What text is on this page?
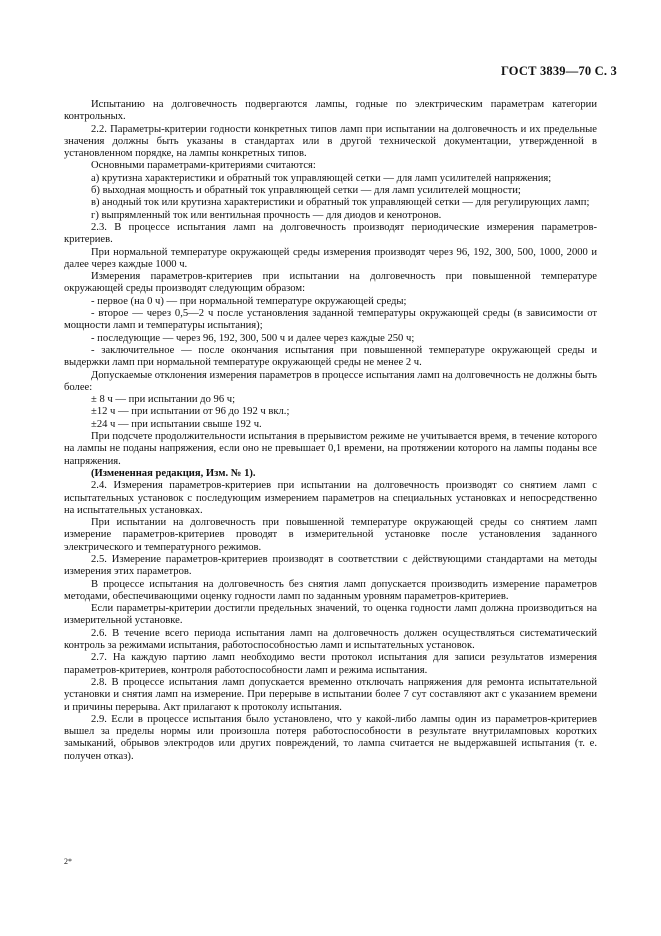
ГОСТ 3839—70 С. 3

Испытанию на долговечность подвергаются лампы, годные по электрическим параметрам категории контрольных.

2.2. Параметры-критерии годности конкретных типов ламп при испытании на долговечность и их предельные значения должны быть указаны в стандартах или в другой технической документации, утвержденной в установленном порядке, на лампы конкретных типов.

Основными параметрами-критериями считаются:

а) крутизна характеристики и обратный ток управляющей сетки — для ламп усилителей напряжения;

б) выходная мощность и обратный ток управляющей сетки — для ламп усилителей мощности;

в) анодный ток или крутизна характеристики и обратный ток управляющей сетки — для регулирующих ламп;

г) выпрямленный ток или вентильная прочность — для диодов и кенотронов.

2.3. В процессе испытания ламп на долговечность производят периодические измерения параметров-критериев.

При нормальной температуре окружающей среды измерения производят через 96, 192, 300, 500, 1000, 2000 и далее через каждые 1000 ч.

Измерения параметров-критериев при испытании на долговечность при повышенной температуре окружающей среды производят следующим образом:

- первое (на 0 ч) — при нормальной температуре окружающей среды;

- второе — через 0,5—2 ч после установления заданной температуры окружающей среды (в зависимости от мощности ламп и температуры испытания);

- последующие — через 96, 192, 300, 500 ч и далее через каждые 250 ч;

- заключительное — после окончания испытания при повышенной температуре окружающей среды и выдержки ламп при нормальной температуре окружающей среды не менее 2 ч.

Допускаемые отклонения измерения параметров в процессе испытания ламп на долговечность не должны быть более:

± 8 ч — при испытании до 96 ч;

±12 ч — при испытании от 96 до 192 ч вкл.;

±24 ч — при испытании свыше 192 ч.

При подсчете продолжительности испытания в прерывистом режиме не учитывается время, в течение которого на лампы не поданы напряжения, если оно не превышает 0,1 времени, на протяжении которого на лампы поданы все напряжения.

(Измененная редакция, Изм. № 1).

2.4. Измерения параметров-критериев при испытании на долговечность производят со снятием ламп с испытательных установок с последующим измерением параметров на специальных установках и непосредственно на испытательных установках.

При испытании на долговечность при повышенной температуре окружающей среды со снятием ламп измерение параметров-критериев проводят в измерительной установке после установления заданного электрического и температурного режимов.

2.5. Измерение параметров-критериев производят в соответствии с действующими стандартами на методы измерения этих параметров.

В процессе испытания на долговечность без снятия ламп допускается производить измерение параметров методами, обеспечивающими оценку годности ламп по заданным уровням параметров-критериев.

Если параметры-критерии достигли предельных значений, то оценка годности ламп должна производиться на измерительной установке.

2.6. В течение всего периода испытания ламп на долговечность должен осуществляться систематический контроль за режимами испытания, работоспособностью ламп и испытательных установок.

2.7. На каждую партию ламп необходимо вести протокол испытания для записи результатов измерения параметров-критериев, контроля работоспособности ламп и режима испытания.

2.8. В процессе испытания ламп допускается временно отключать напряжения для ремонта испытательной установки и снятия ламп на измерение. При перерыве в испытании более 7 сут составляют акт с указанием времени и причины перерыва. Акт прилагают к протоколу испытания.

2.9. Если в процессе испытания было установлено, что у какой-либо лампы один из параметров-критериев вышел за пределы нормы или произошла потеря работоспособности в результате внутриламповых коротких замыканий, обрывов электродов или других повреждений, то лампа считается не выдержавшей испытания (т. е. получен отказ).

2*
